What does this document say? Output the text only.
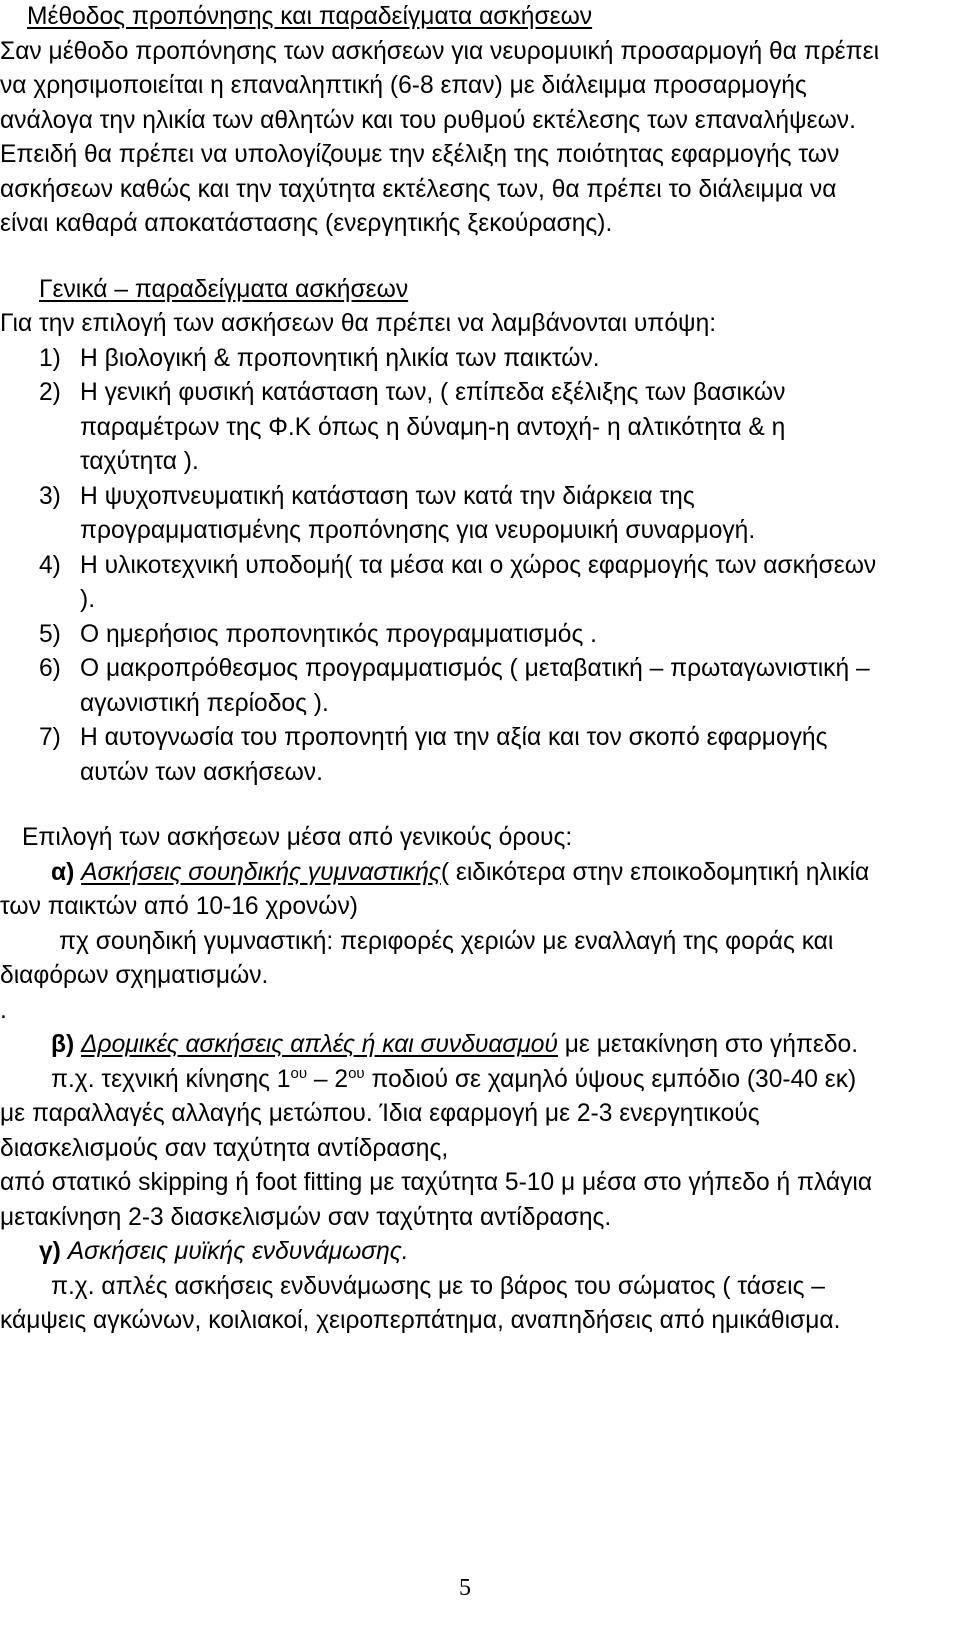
Μέθοδος προπόνησης και παραδείγματα ασκήσεων

Σαν μέθοδο προπόνησης των ασκήσεων για νευρομυική προσαρμογή θα πρέπει

να χρησιμοποιείται η επαναληπτική (6-8 επαν) με διάλειμμα προσαρμογής

ανάλογα την ηλικία των αθλητών και του ρυθμού εκτέλεσης των επαναλήψεων.

Επειδή θα πρέπει να υπολογίζουμε την εξέλιξη της ποιότητας εφαρμογής των

ασκήσεων καθώς και την ταχύτητα εκτέλεσης των, θα πρέπει το διάλειμμα να

είναι καθαρά αποκατάστασης (ενεργητικής ξεκούρασης).

Γενικά – παραδείγματα ασκήσεων

Για την επιλογή των ασκήσεων θα πρέπει να λαμβάνονται υπόψη:

1) Η βιολογική & προπονητική ηλικία των παικτών.

2) Η γενική φυσική κατάσταση των, ( επίπεδα εξέλιξης των βασικών

παραμέτρων της Φ.Κ όπως η δύναμη-η αντοχή- η αλτικότητα & η

ταχύτητα ).

3) Η ψυχοπνευματική κατάσταση των κατά την διάρκεια της

προγραμματισμένης προπόνησης για νευρομυική συναρμογή.

4) Η υλικοτεχνική υποδομή( τα μέσα και ο χώρος εφαρμογής των ασκήσεων

).

5) Ο ημερήσιος προπονητικός προγραμματισμός .

6) Ο μακροπρόθεσμος προγραμματισμός ( μεταβατική – πρωταγωνιστική –

αγωνιστική περίοδος ).

7) Η αυτογνωσία του προπονητή για την αξία και τον σκοπό εφαρμογής

αυτών των ασκήσεων.

Επιλογή των ασκήσεων μέσα από γενικούς όρους:

α) Ασκήσεις σουηδικής γυμναστικής( ειδικότερα στην εποικοδομητική ηλικία

των παικτών από 10-16 χρονών)

πχ σουηδική γυμναστική: περιφορές χεριών με εναλλαγή της φοράς και

διαφόρων σχηματισμών.

.

β) Δρομικές ασκήσεις απλές ή και συνδυασμού με μετακίνηση στο γήπεδο.

π.χ. τεχνική κίνησης $1^{o\upsilon} - 2^{o\upsilon}$ ποδιού σε χαμηλό ύψους εμπόδιο (30-40 εκ)

με παραλλαγές αλλαγής μετώπου. Ίδια εφαρμογή με 2-3 ενεργητικούς

διασκελισμούς σαν ταχύτητα αντίδρασης,

από στατικό skipping ή foot fitting με ταχύτητα 5-10 μ μέσα στο γήπεδο ή πλάγια

μετακίνηση 2-3 διασκελισμών σαν ταχύτητα αντίδρασης.

γ) Ασκήσεις μυϊκής ενδυνάμωσης.

π.χ. απλές ασκήσεις ενδυνάμωσης με το βάρος του σώματος ( τάσεις –

κάμψεις αγκώνων, κοιλιακοί, χειροπερπάτημα, αναπηδήσεις από ημικάθισμα.

5
